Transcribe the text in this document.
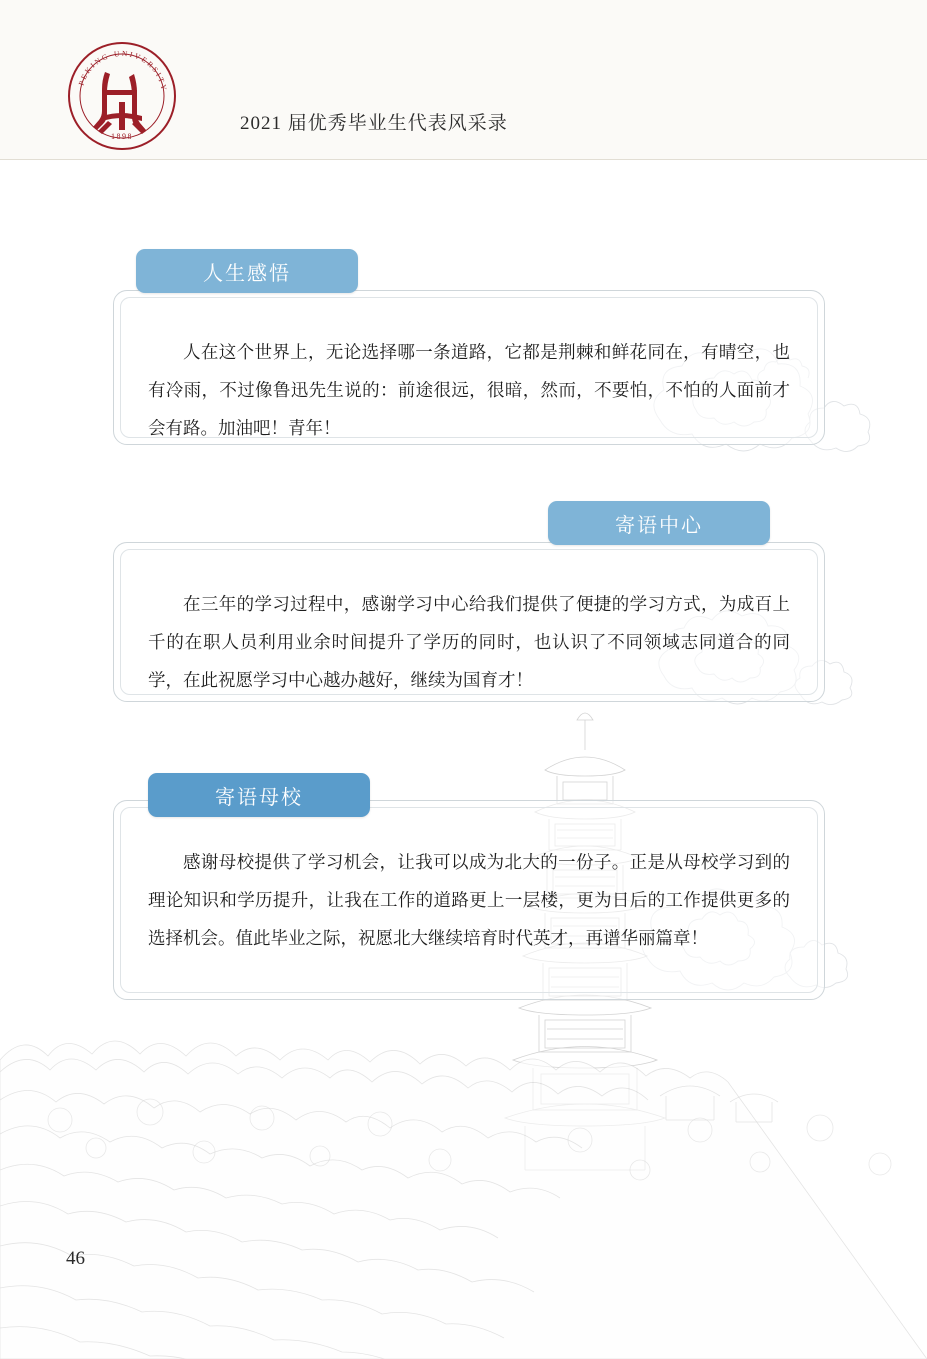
PEKING UNIVERSITY
1898
2021 届优秀毕业生代表风采录
人在这个世界上，无论选择哪一条道路，它都是荆棘和鲜花同在，有晴空，也有冷雨，不过像鲁迅先生说的：前途很远，很暗，然而，不要怕，不怕的人面前才会有路。加油吧！青年！
人生感悟
在三年的学习过程中，感谢学习中心给我们提供了便捷的学习方式，为成百上千的在职人员利用业余时间提升了学历的同时，也认识了不同领域志同道合的同学，在此祝愿学习中心越办越好，继续为国育才！
寄语中心
感谢母校提供了学习机会，让我可以成为北大的一份子。正是从母校学习到的理论知识和学历提升，让我在工作的道路更上一层楼，更为日后的工作提供更多的选择机会。值此毕业之际，祝愿北大继续培育时代英才，再谱华丽篇章！
寄语母校
46
